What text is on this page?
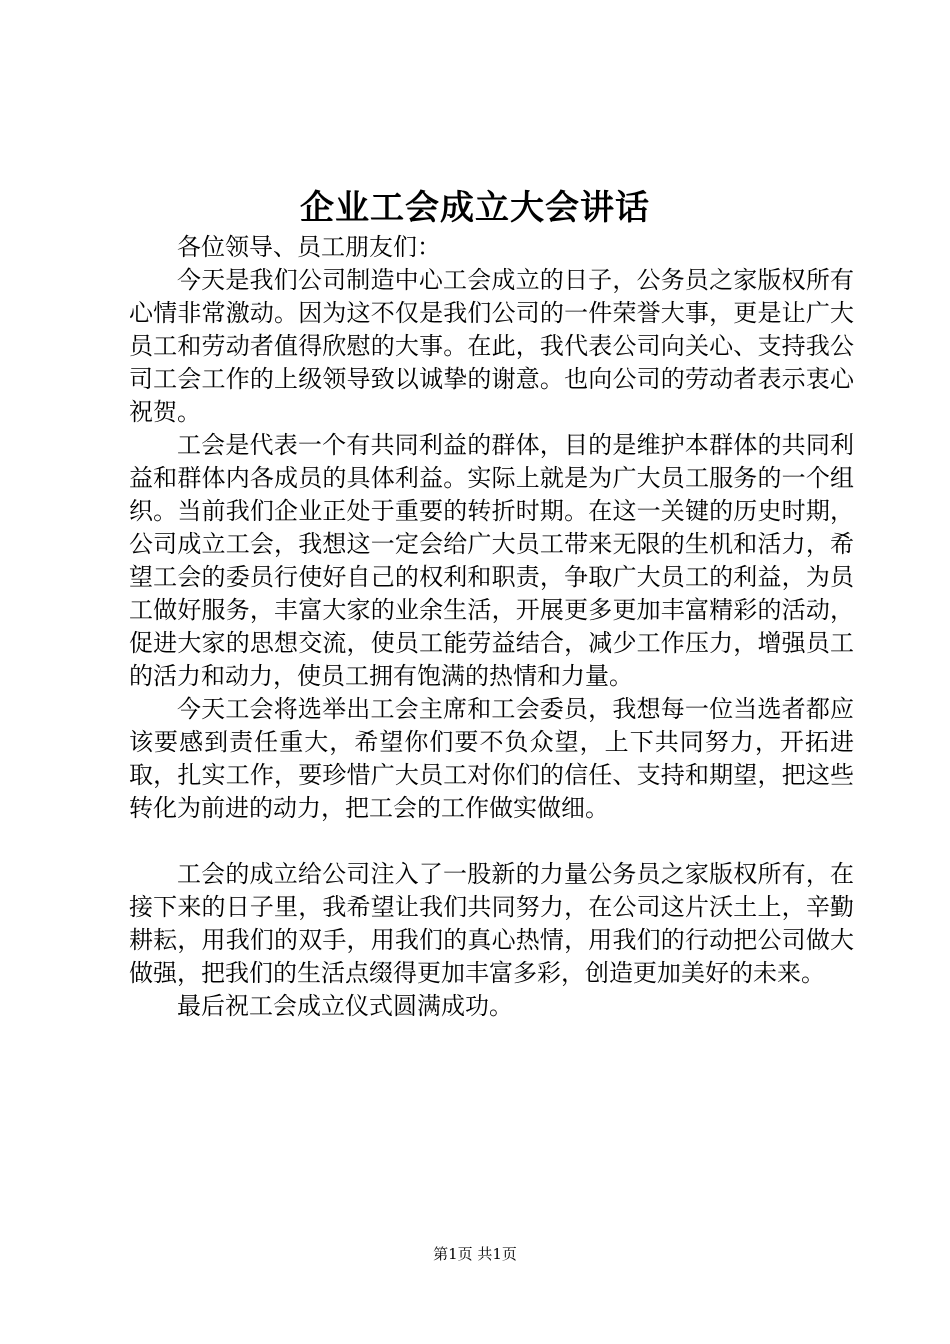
企业工会成立大会讲话

各位领导、员工朋友们：

今天是我们公司制造中心工会成立的日子，公务员之家版权所有心情非常激动。因为这不仅是我们公司的一件荣誉大事，更是让广大员工和劳动者值得欣慰的大事。在此，我代表公司向关心、支持我公司工会工作的上级领导致以诚挚的谢意。也向公司的劳动者表示衷心祝贺。

工会是代表一个有共同利益的群体，目的是维护本群体的共同利益和群体内各成员的具体利益。实际上就是为广大员工服务的一个组织。当前我们企业正处于重要的转折时期。在这一关键的历史时期，公司成立工会，我想这一定会给广大员工带来无限的生机和活力，希望工会的委员行使好自己的权利和职责，争取广大员工的利益，为员工做好服务，丰富大家的业余生活，开展更多更加丰富精彩的活动，促进大家的思想交流，使员工能劳益结合，减少工作压力，增强员工的活力和动力，使员工拥有饱满的热情和力量。

今天工会将选举出工会主席和工会委员，我想每一位当选者都应该要感到责任重大，希望你们要不负众望，上下共同努力，开拓进取，扎实工作，要珍惜广大员工对你们的信任、支持和期望，把这些转化为前进的动力，把工会的工作做实做细。

工会的成立给公司注入了一股新的力量公务员之家版权所有，在接下来的日子里，我希望让我们共同努力，在公司这片沃土上，辛勤耕耘，用我们的双手，用我们的真心热情，用我们的行动把公司做大做强，把我们的生活点缀得更加丰富多彩，创造更加美好的未来。

最后祝工会成立仪式圆满成功。

第1页 共1页
